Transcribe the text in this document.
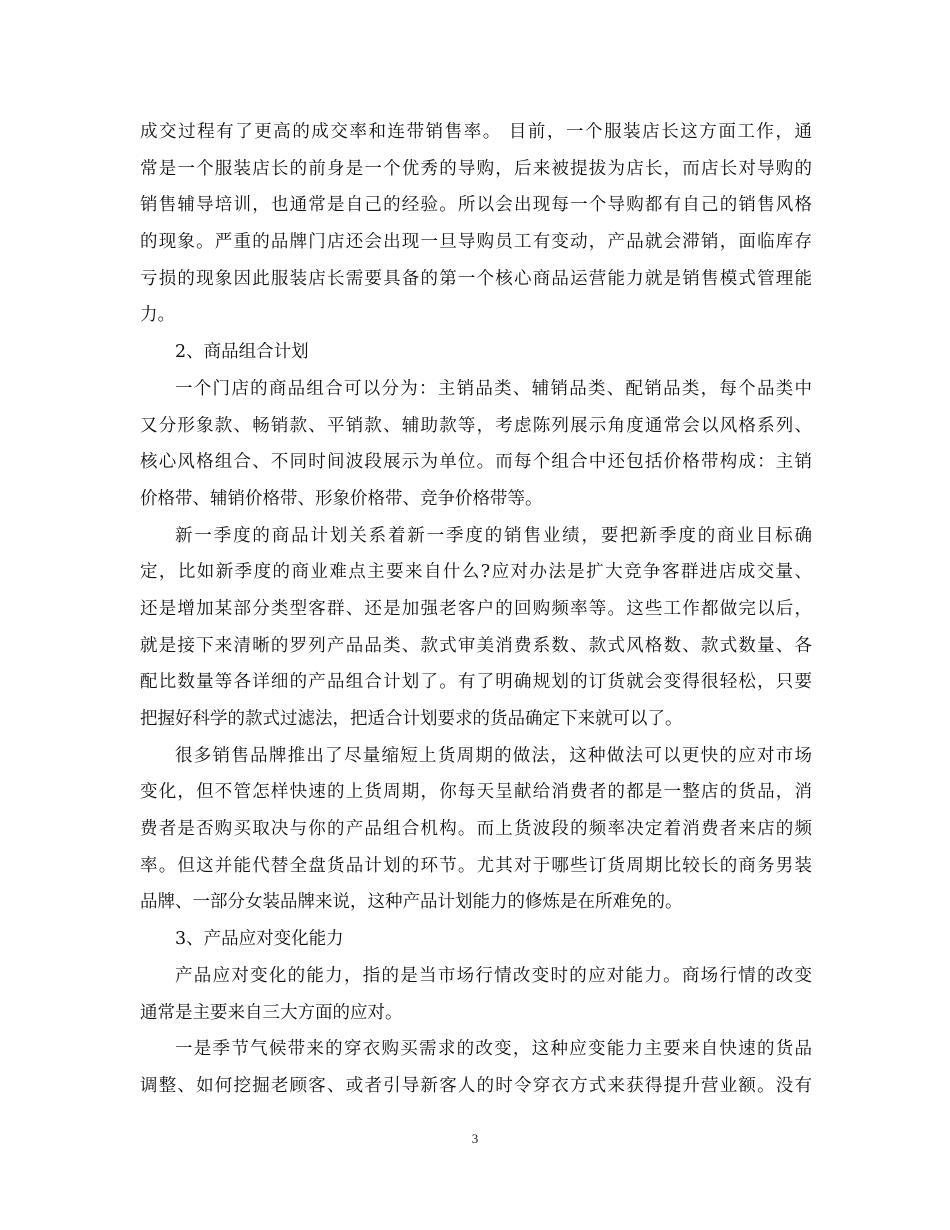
成交过程有了更高的成交率和连带销售率。 目前，一个服装店长这方面工作，通
常是一个服装店长的前身是一个优秀的导购，后来被提拔为店长，而店长对导购的
销售辅导培训，也通常是自己的经验。所以会出现每一个导购都有自己的销售风格
的现象。严重的品牌门店还会出现一旦导购员工有变动，产品就会滞销，面临库存
亏损的现象因此服装店长需要具备的第一个核心商品运营能力就是销售模式管理能
力。
2、商品组合计划
一个门店的商品组合可以分为：主销品类、辅销品类、配销品类，每个品类中
又分形象款、畅销款、平销款、辅助款等，考虑陈列展示角度通常会以风格系列、
核心风格组合、不同时间波段展示为单位。而每个组合中还包括价格带构成：主销
价格带、辅销价格带、形象价格带、竞争价格带等。
新一季度的商品计划关系着新一季度的销售业绩，要把新季度的商业目标确
定，比如新季度的商业难点主要来自什么?应对办法是扩大竞争客群进店成交量、
还是增加某部分类型客群、还是加强老客户的回购频率等。这些工作都做完以后，
就是接下来清晰的罗列产品品类、款式审美消费系数、款式风格数、款式数量、各
配比数量等各详细的产品组合计划了。有了明确规划的订货就会变得很轻松，只要
把握好科学的款式过滤法，把适合计划要求的货品确定下来就可以了。
很多销售品牌推出了尽量缩短上货周期的做法，这种做法可以更快的应对市场
变化，但不管怎样快速的上货周期，你每天呈献给消费者的都是一整店的货品，消
费者是否购买取决与你的产品组合机构。而上货波段的频率决定着消费者来店的频
率。但这并能代替全盘货品计划的环节。尤其对于哪些订货周期比较长的商务男装
品牌、一部分女装品牌来说，这种产品计划能力的修炼是在所难免的。
3、产品应对变化能力
产品应对变化的能力，指的是当市场行情改变时的应对能力。商场行情的改变
通常是主要来自三大方面的应对。
一是季节气候带来的穿衣购买需求的改变，这种应变能力主要来自快速的货品
调整、如何挖掘老顾客、或者引导新客人的时令穿衣方式来获得提升营业额。没有
3
